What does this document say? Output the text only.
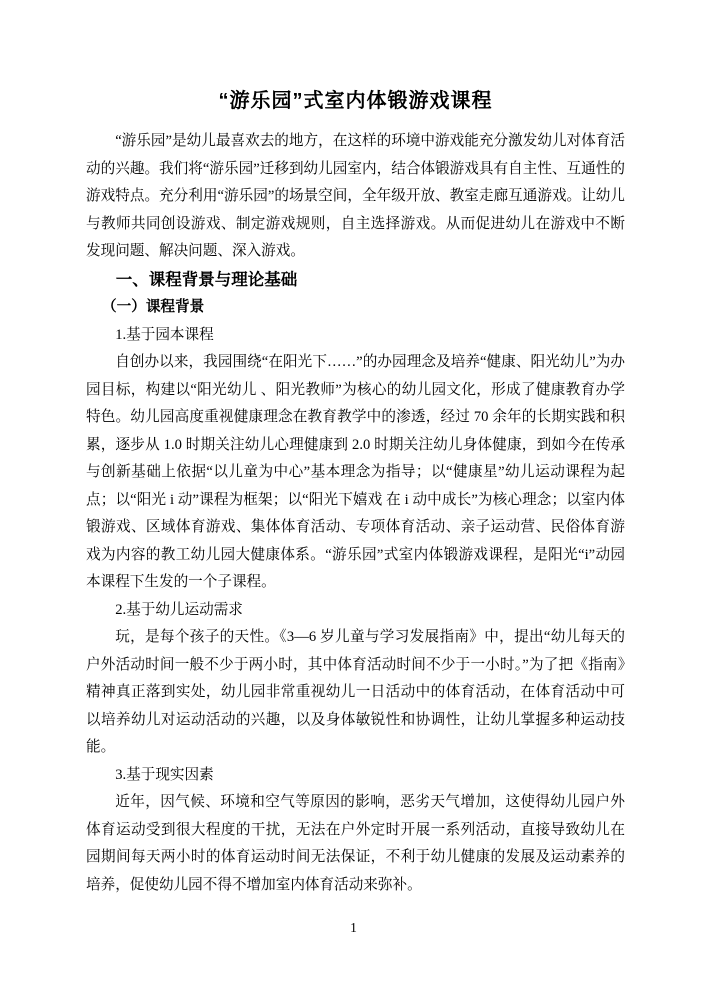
“游乐园”式室内体锻游戏课程

“游乐园”是幼儿最喜欢去的地方，在这样的环境中游戏能充分激发幼儿对体育活动的兴趣。我们将“游乐园”迁移到幼儿园室内，结合体锻游戏具有自主性、互通性的游戏特点。充分利用“游乐园”的场景空间，全年级开放、教室走廊互通游戏。让幼儿与教师共同创设游戏、制定游戏规则，自主选择游戏。从而促进幼儿在游戏中不断发现问题、解决问题、深入游戏。

一、课程背景与理论基础
（一）课程背景

1.基于园本课程

自创办以来，我园围绕“在阳光下……”的办园理念及培养“健康、阳光幼儿”为办园目标，构建以“阳光幼儿 、阳光教师”为核心的幼儿园文化，形成了健康教育办学特色。幼儿园高度重视健康理念在教育教学中的渗透，经过 70 余年的长期实践和积累，逐步从 1.0 时期关注幼儿心理健康到 2.0 时期关注幼儿身体健康，到如今在传承与创新基础上依据“以儿童为中心”基本理念为指导；以“健康星”幼儿运动课程为起点；以“阳光 i 动”课程为框架；以“阳光下嬉戏 在 i 动中成长”为核心理念；以室内体锻游戏、区域体育游戏、集体体育活动、专项体育活动、亲子运动营、民俗体育游戏为内容的教工幼儿园大健康体系。“游乐园”式室内体锻游戏课程，是阳光“i”动园本课程下生发的一个子课程。

2.基于幼儿运动需求

玩，是每个孩子的天性。《3—6 岁儿童与学习发展指南》中，提出“幼儿每天的户外活动时间一般不少于两小时，其中体育活动时间不少于一小时。”为了把《指南》精神真正落到实处，幼儿园非常重视幼儿一日活动中的体育活动，在体育活动中可以培养幼儿对运动活动的兴趣，以及身体敏锐性和协调性，让幼儿掌握多种运动技能。

3.基于现实因素

近年，因气候、环境和空气等原因的影响，恶劣天气增加，这使得幼儿园户外体育运动受到很大程度的干扰，无法在户外定时开展一系列活动，直接导致幼儿在园期间每天两小时的体育运动时间无法保证，不利于幼儿健康的发展及运动素养的培养，促使幼儿园不得不增加室内体育活动来弥补。

1
